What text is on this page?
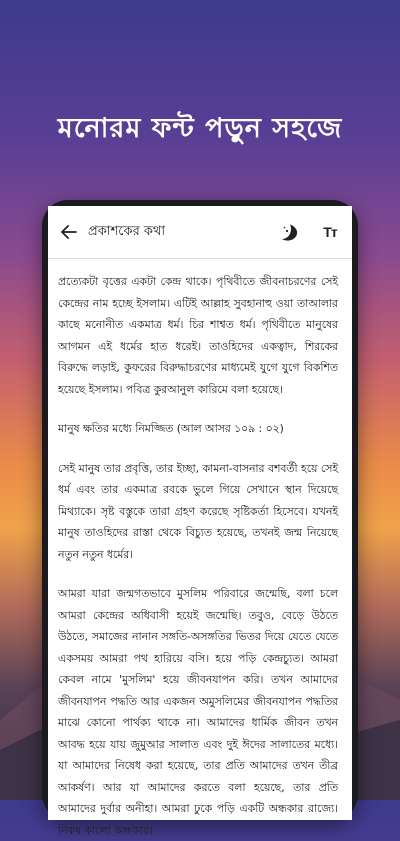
মনোরম ফন্ট পড়ুন সহজে
প্রকাশকের কথা	Tт

প্রত্যেকটা বৃত্তের একটা কেন্দ্র থাকে। পৃথিবীতে জীবনাচরণের সেই কেন্দ্রের নাম হচ্ছে ইসলাম। এটিই আল্লাহ সুবহানাহু ওয়া তাআলার কাছে মনোনীত একমাত্র ধর্ম। চির শাশ্বত ধর্ম। পৃথিবীতে মানুষের আগমন এই ধর্মের হাত ধরেই। তাওহিদের একত্বাদ, শিরকের বিরুদ্ধে লড়াই, কুফরের বিরুদ্ধাচরণের মাধ্যমেই যুগে যুগে বিকশিত হয়েছে ইসলাম। পবিত্র কুরআনুল কারিমে বলা হয়েছে।

মানুষ ক্ষতির মধ্যে নিমজ্জিত (আল আসর ১০৯ : ০২)

সেই মানুষ তার প্রবৃত্তি, তার ইচ্ছা, কামনা-বাসনার বশবর্তী হয়ে সেই ধর্ম এবং তার একমাত্র রবকে ভুলে গিয়ে সেখানে স্থান দিয়েছে মিথ্যাকে। সৃষ্ট বস্তুকে তারা গ্রহণ করেছে সৃষ্টিকর্তা হিসেবে। যখনই মানুষ তাওহিদের রাস্তা থেকে বিচ্যুত হয়েছে, তখনই জন্ম নিয়েছে নতুন নতুন ধর্মের।

আমরা যারা জন্মগতভাবে মুসলিম পরিবারে জন্মেছি, বলা চলে আমরা কেন্দ্রের অধিবাসী হয়েই জন্মেছি। তবুও, বেড়ে উঠতে উঠতে, সমাজের নানান সঙ্গতি-অসঙ্গতির ভিতর দিয়ে যেতে যেতে একসময় আমরা পথ হারিয়ে বসি। হয়ে পড়ি কেন্দ্রচ্যুত। আমরা কেবল নামে 'মুসলিম' হয়ে জীবনযাপন করি। তখন আমাদের জীবনযাপন পদ্ধতি আর একজন অমুসলিমের জীবনযাপন পদ্ধতির মাঝে কোনো পার্থক্য থাকে না। আমাদের ধার্মিক জীবন তখন আবদ্ধ হয়ে যায় জুমুআর সালাত এবং দুই ঈদের সালাতের মধ্যে। যা আমাদের নিষেধ করা হয়েছে, তার প্রতি আমাদের তখন তীব্র আকর্ষণ। আর যা আমাদের করতে বলা হয়েছে, তার প্রতি আমাদের দুর্বার অনীহা। আমরা ঢুকে পড়ি একটি অন্ধকার রাজ্যে। নিকষ কালো অন্ধকার।
